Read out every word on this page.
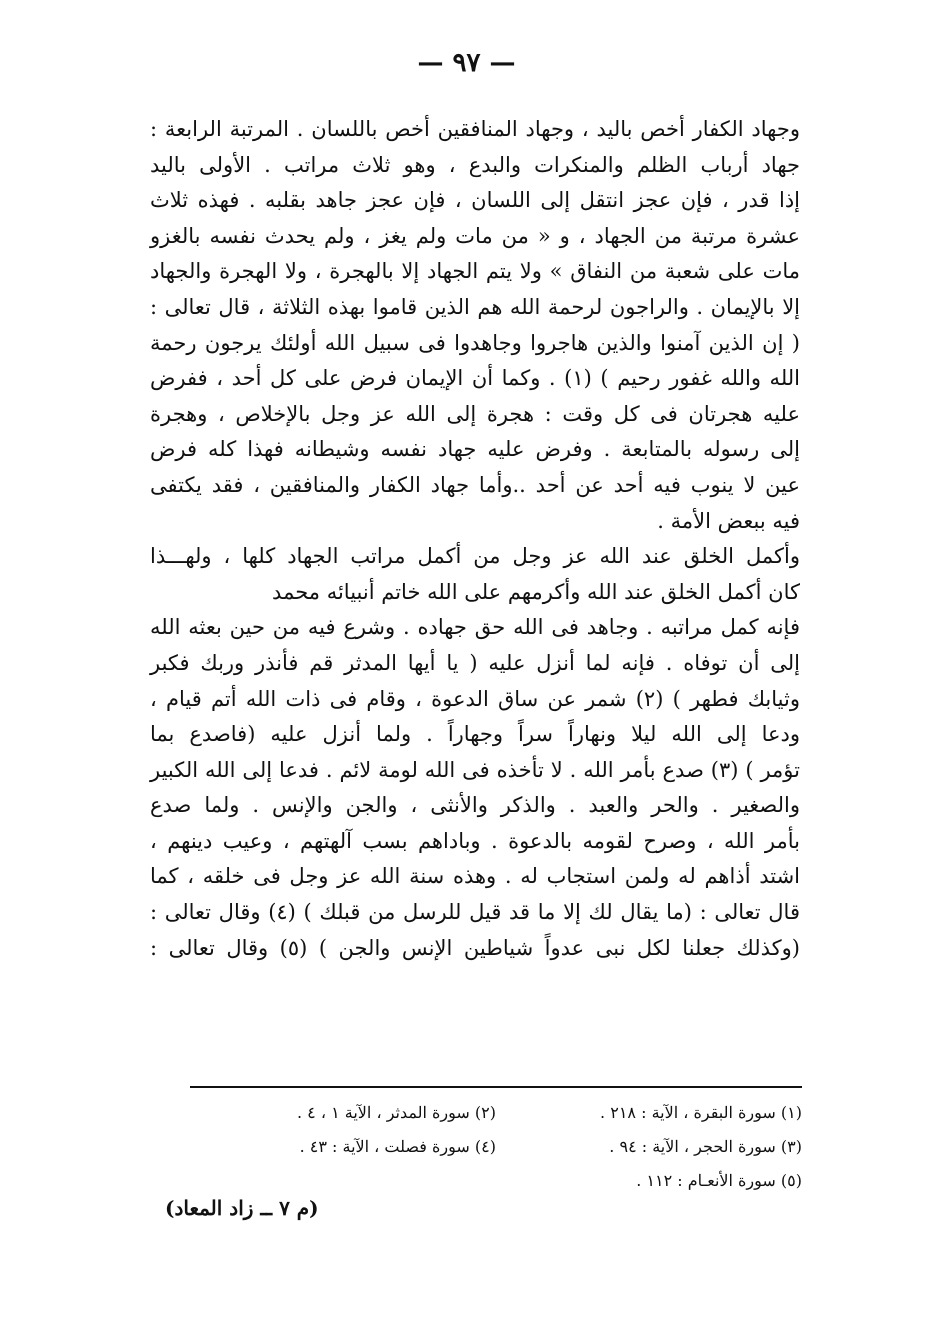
— ٩٧ —
وجهاد الكفار أخص باليد ، وجهاد المنافقين أخص باللسان . المرتبة الرابعة :
جهاد أرباب الظلم والمنكرات والبدع ، وهو ثلاث مراتب . الأولى باليد
إذا قدر ، فإن عجز انتقل إلى اللسان ، فإن عجز جاهد بقلبه . فهذه ثلاث
عشرة مرتبة من الجهاد ، و « من مات ولم يغز ، ولم يحدث نفسه بالغزو
مات على شعبة من النفاق » ولا يتم الجهاد إلا بالهجرة ، ولا الهجرة والجهاد
إلا بالإيمان . والراجون لرحمة الله هم الذين قاموا بهذه الثلاثة ، قال تعالى :
( إن الذين آمنوا والذين هاجروا وجاهدوا فى سبيل الله أولئك يرجون رحمة
الله والله غفور رحيم ) (١) . وكما أن الإيمان فرض على كل أحد ، ففرض
عليه هجرتان فى كل وقت : هجرة إلى الله عز وجل بالإخلاص ، وهجرة
إلى رسوله بالمتابعة . وفرض عليه جهاد نفسه وشيطانه فهذا كله فرض
عين لا ينوب فيه أحد عن أحد ..وأما جهاد الكفار والمنافقين ، فقد يكتفى
فيه ببعض الأمة .
وأكمل الخلق عند الله عز وجل من أكمل مراتب الجهاد كلها ، ولهـــذا
كان أكمل الخلق عند الله وأكرمهم على الله خاتم أنبيائه محمد
فإنه كمل مراتبه . وجاهد فى الله حق جهاده . وشرع فيه من حين بعثه الله
إلى أن توفاه . فإنه لما أنزل عليه ( يا أيها المدثر قم فأنذر وربك فكبر
وثيابك فطهر ) (٢) شمر عن ساق الدعوة ، وقام فى ذات الله أتم قيام ،
ودعا إلى الله ليلا ونهاراً سراً وجهاراً . ولما أنزل عليه (فاصدع بما
تؤمر ) (٣) صدع بأمر الله . لا تأخذه فى الله لومة لائم . فدعا إلى الله الكبير
والصغير . والحر والعبد . والذكر والأنثى ، والجن والإنس . ولما صدع
بأمر الله ، وصرح لقومه بالدعوة . وباداهم بسب آلهتهم ، وعيب دينهم ،
اشتد أذاهم له ولمن استجاب له . وهذه سنة الله عز وجل فى خلقه ، كما
قال تعالى : (ما يقال لك إلا ما قد قيل للرسل من قبلك ) (٤) وقال تعالى :
(وكذلك جعلنا لكل نبى عدواً شياطين الإنس والجن ) (٥) وقال تعالى :
(١) سورة البقرة ، الآية : ٢١٨ .
(٢) سورة المدثر ، الآية ١ ، ٤ .
(٣) سورة الحجر ، الآية : ٩٤ .
(٤) سورة فصلت ، الآية : ٤٣ .
(٥) سورة الأنعـام : ١١٢ .
(م ٧ ــ زاد المعاد)
